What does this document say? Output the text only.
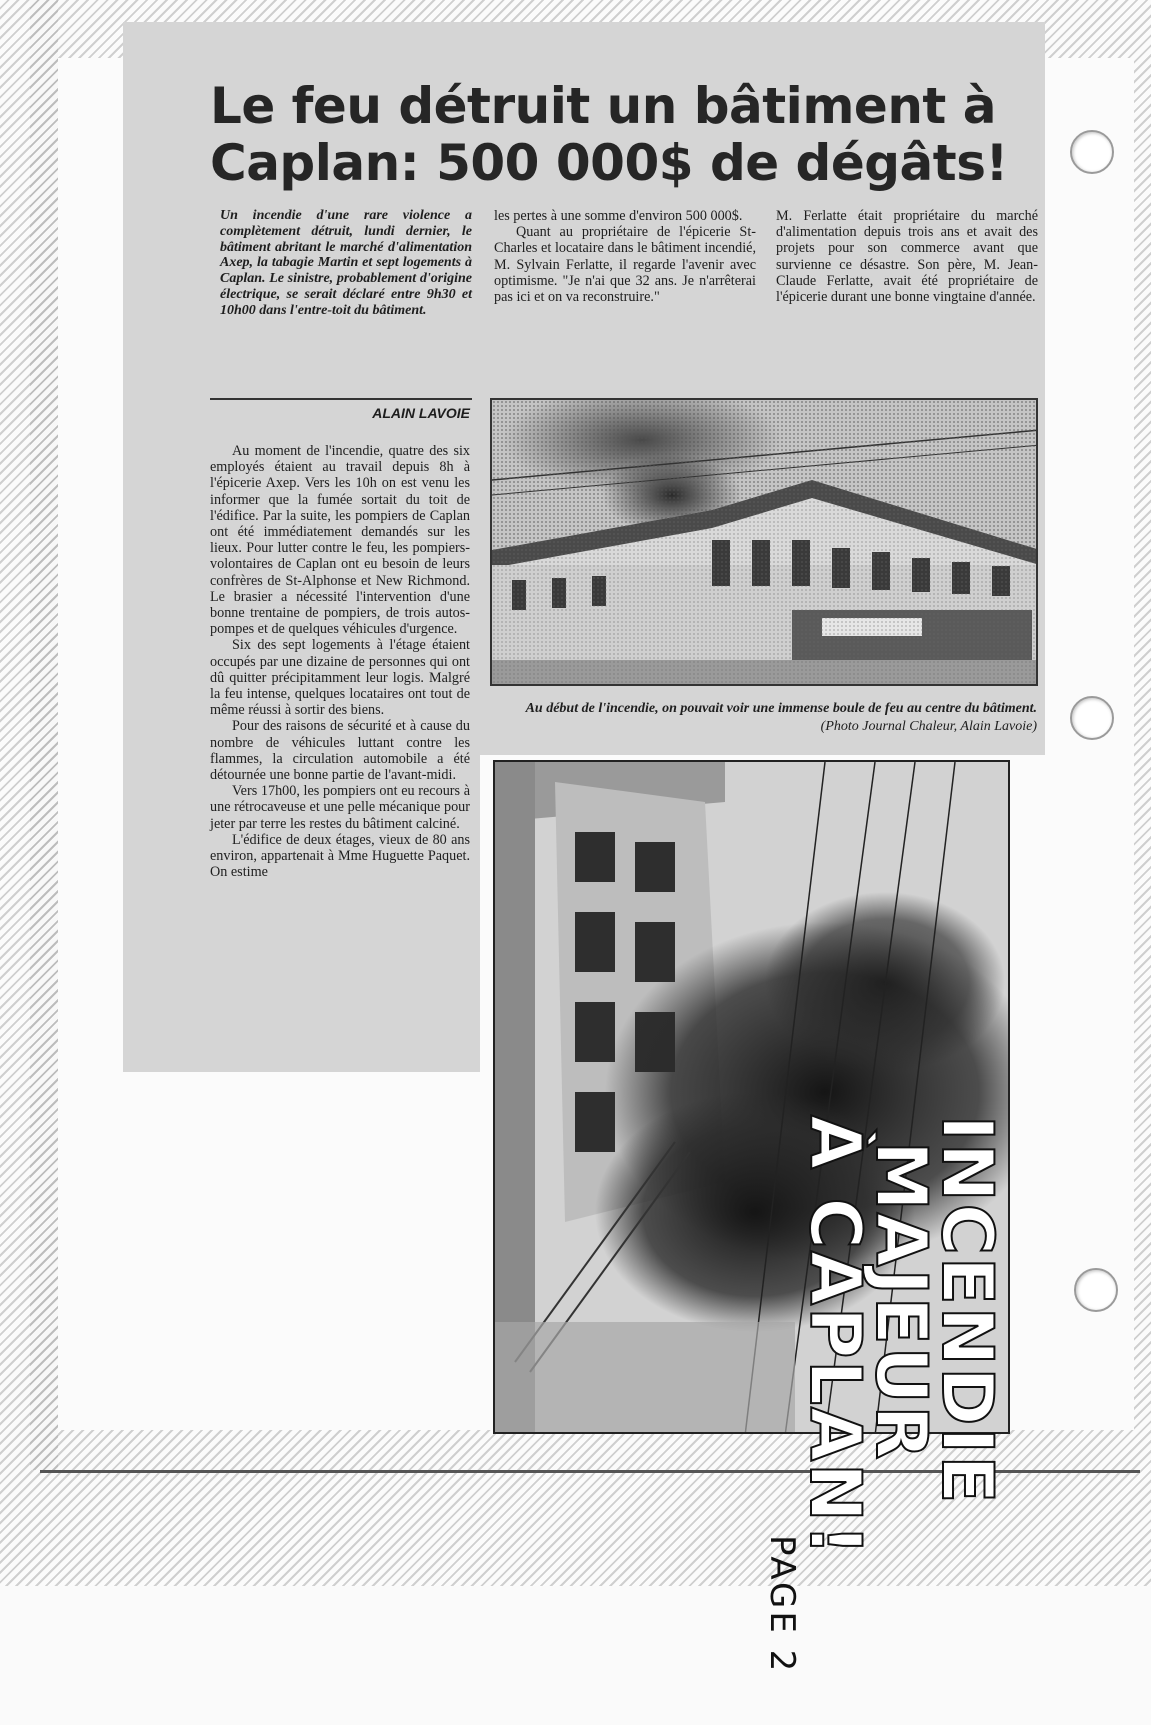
Le feu détruit un bâtiment à Caplan: 500 000$ de dégâts!

Un incendie d'une rare violence a complètement détruit, lundi dernier, le bâtiment abritant le marché d'alimentation Axep, la tabagie Martin et sept logements à Caplan. Le sinistre, probablement d'origine électrique, se serait déclaré entre 9h30 et 10h00 dans l'entre-toit du bâtiment.

ALAIN LAVOIE

Au moment de l'incendie, quatre des six employés étaient au travail depuis 8h à l'épicerie Axep. Vers les 10h on est venu les informer que la fumée sortait du toit de l'édifice. Par la suite, les pompiers de Caplan ont été immédiatement demandés sur les lieux. Pour lutter contre le feu, les pompiers-volontaires de Caplan ont eu besoin de leurs confrères de St-Alphonse et New Richmond. Le brasier a nécessité l'intervention d'une bonne trentaine de pompiers, de trois autos-pompes et de quelques véhicules d'urgence.

Six des sept logements à l'étage étaient occupés par une dizaine de personnes qui ont dû quitter précipitamment leur logis. Malgré la feu intense, quelques locataires ont tout de même réussi à sortir des biens.

Pour des raisons de sécurité et à cause du nombre de véhicules luttant contre les flammes, la circulation automobile a été détournée une bonne partie de l'avant-midi.

Vers 17h00, les pompiers ont eu recours à une rétrocaveuse et une pelle mécanique pour jeter par terre les restes du bâtiment calciné.

L'édifice de deux étages, vieux de 80 ans environ, appartenait à Mme Huguette Paquet. On estime

les pertes à une somme d'environ 500 000$.

Quant au propriétaire de l'épicerie St-Charles et locataire dans le bâtiment incendié, M. Sylvain Ferlatte, il regarde l'avenir avec optimisme. "Je n'ai que 32 ans. Je n'arrêterai pas ici et on va reconstruire."

M. Ferlatte était propriétaire du marché d'alimentation depuis trois ans et avait des projets pour son commerce avant que survienne ce désastre. Son père, M. Jean-Claude Ferlatte, avait été propriétaire de l'épicerie durant une bonne vingtaine d'année.

Au début de l'incendie, on pouvait voir une immense boule de feu au centre du bâtiment. (Photo Journal Chaleur, Alain Lavoie)

INCENDIE
MAJEUR
À CAPLAN!
PAGE 2
